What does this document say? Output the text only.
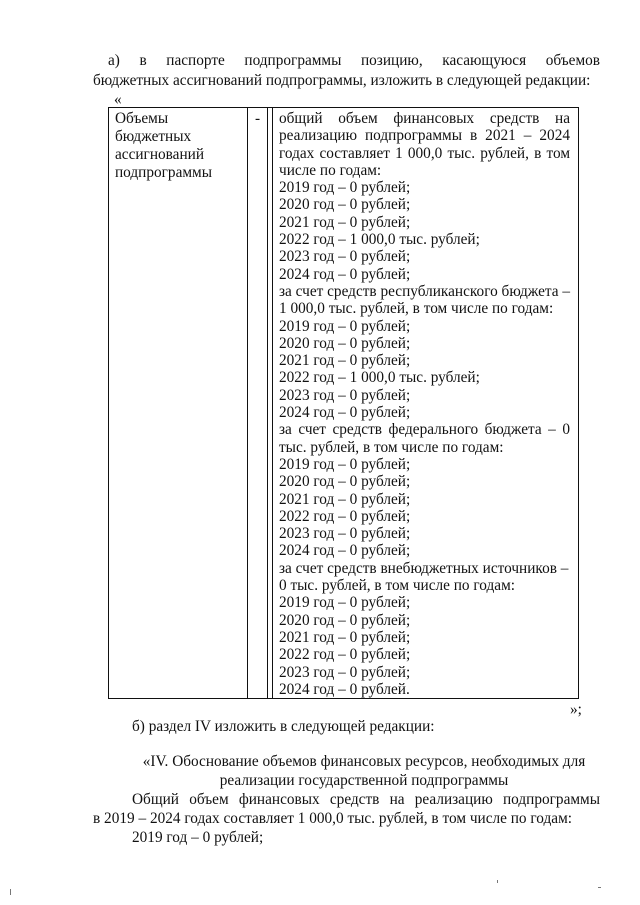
а) в паспорте подпрограммы позицию, касающуюся объемов
бюджетных ассигнований подпрограммы, изложить в следующей редакции:
«
Объемы
бюджетных
ассигнований
подпрограммы
	-		общий объем финансовых средств на
реализацию подпрограммы в 2021 – 2024
годах составляет 1 000,0 тыс. рублей, в том
числе по годам:
2019 год – 0 рублей;
2020 год – 0 рублей;
2021 год – 0 рублей;
2022 год – 1 000,0 тыс. рублей;
2023 год – 0 рублей;
2024 год – 0 рублей;
за счет средств республиканского бюджета –
1 000,0 тыс. рублей, в том числе по годам:
2019 год – 0 рублей;
2020 год – 0 рублей;
2021 год – 0 рублей;
2022 год – 1 000,0 тыс. рублей;
2023 год – 0 рублей;
2024 год – 0 рублей;
за счет средств федерального бюджета – 0
тыс. рублей, в том числе по годам:
2019 год – 0 рублей;
2020 год – 0 рублей;
2021 год – 0 рублей;
2022 год – 0 рублей;
2023 год – 0 рублей;
2024 год – 0 рублей;
за счет средств внебюджетных источников –
0 тыс. рублей, в том числе по годам:
2019 год – 0 рублей;
2020 год – 0 рублей;
2021 год – 0 рублей;
2022 год – 0 рублей;
2023 год – 0 рублей;
2024 год – 0 рублей.
»;
б) раздел IV изложить в следующей редакции:
«IV. Обоснование объемов финансовых ресурсов, необходимых для
реализации государственной подпрограммы
Общий объем финансовых средств на реализацию подпрограммы
в 2019 – 2024 годах составляет 1 000,0 тыс. рублей, в том числе по годам:
2019 год – 0 рублей;
